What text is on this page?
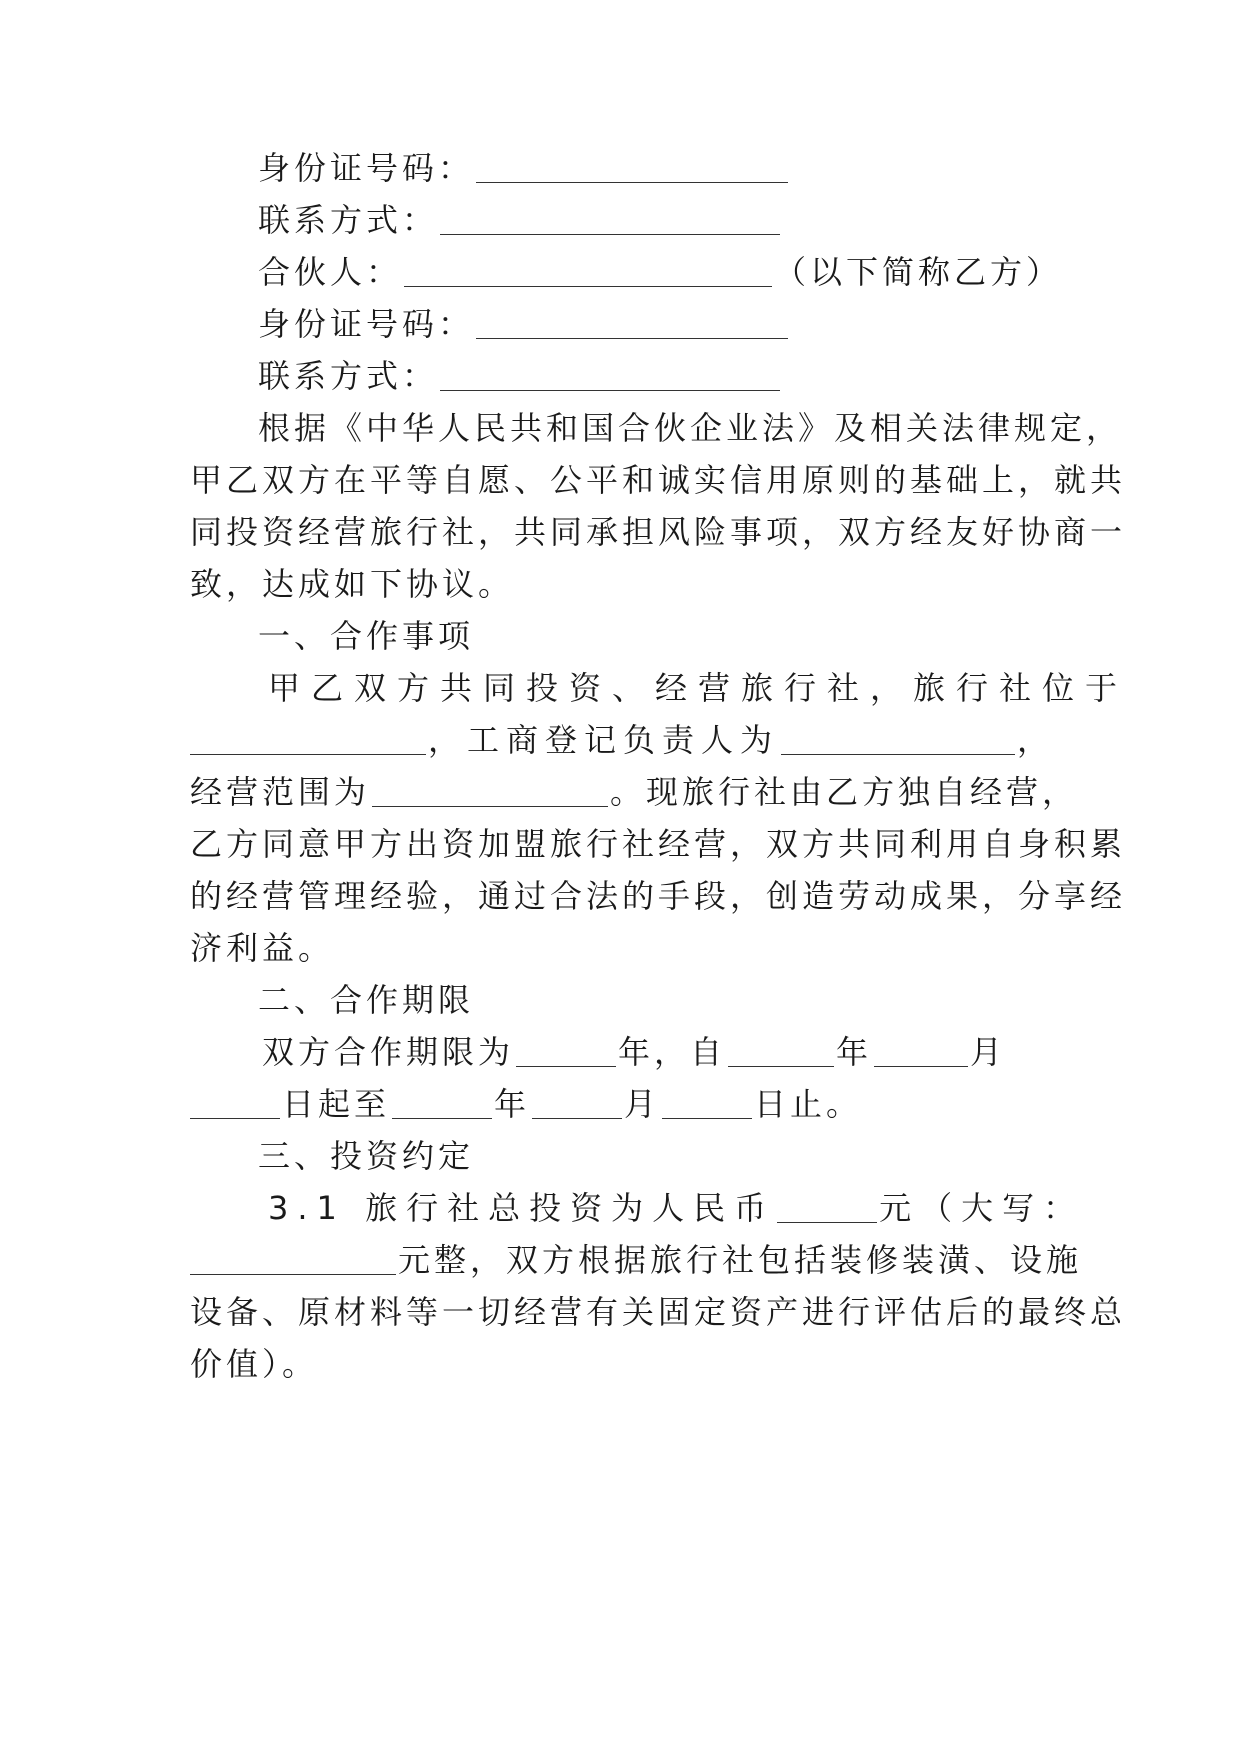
身份证号码：
联系方式：
合伙人：	（以下简称乙方）
身份证号码：
联系方式：
根据《中华人民共和国合伙企业法》及相关法律规定，
甲乙双方在平等自愿、公平和诚实信用原则的基础上，就共
同投资经营旅行社，共同承担风险事项，双方经友好协商一
致，达成如下协议。
一、合作事项
甲乙双方共同投资、经营旅行社，旅行社位于
，工商登记负责人为	，
经营范围为	。现旅行社由乙方独自经营，
乙方同意甲方出资加盟旅行社经营，双方共同利用自身积累
的经营管理经验，通过合法的手段，创造劳动成果，分享经
济利益。
二、合作期限
双方合作期限为	年，自	年	月
日起至	年	月	日止。
三、投资约定
3.1 旅行社总投资为人民币	元（大写：
元整，双方根据旅行社包括装修装潢、设施
设备、原材料等一切经营有关固定资产进行评估后的最终总
价值）。
